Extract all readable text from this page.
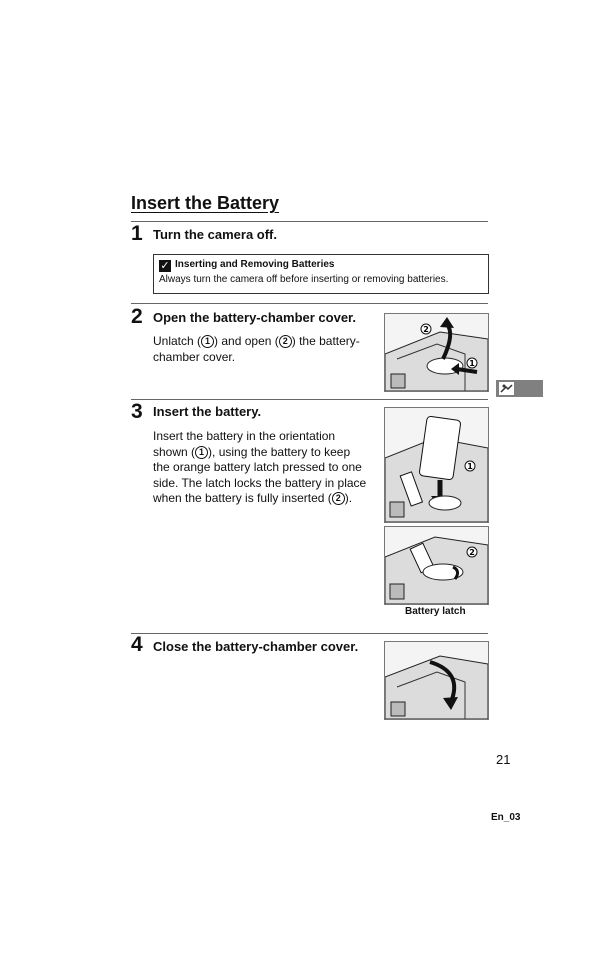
Insert the Battery
1 Turn the camera off.
✓ Inserting and Removing Batteries
Always turn the camera off before inserting or removing batteries.
2 Open the battery-chamber cover.
Unlatch ( 1 ) and open ( 2 ) the battery-
chamber cover.
2
1
3 Insert the battery.
Insert the battery in the orientation
shown ( 1 ), using the battery to keep
the orange battery latch pressed to one
side. The latch locks the battery in place
when the battery is fully inserted ( 2 ).
1
2
Battery latch
4 Close the battery-chamber cover.
21
En_03
